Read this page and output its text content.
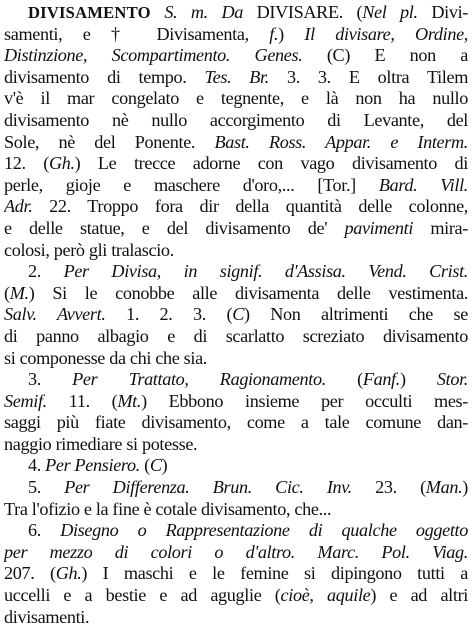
DIVISAMENTO S. m. Da DIVISARE. (Nel pl. Divi-
samenti, e † Divisamenta, f.) Il divisare, Ordine,
Distinzione, Scompartimento. Genes. (C) E non a
divisamento di tempo. Tes. Br. 3. 3. E oltra Tilem
v'è il mar congelato e tegnente, e là non ha nullo
divisamento nè nullo accorgimento di Levante, del
Sole, nè del Ponente. Bast. Ross. Appar. e Interm.
12. (Gh.) Le trecce adorne con vago divisamento di
perle, gioje e maschere d'oro,... [Tor.] Bard. Vill.
Adr. 22. Troppo fora dir della quantità delle colonne,
e delle statue, e del divisamento de' pavimenti mira-
colosi, però gli tralascio.
2. Per Divisa, in signif. d'Assisa. Vend. Crist.
(M.) Si le conobbe alle divisamenta delle vestimenta.
Salv. Avvert. 1. 2. 3. (C) Non altrimenti che se
di panno albagio e di scarlatto screziato divisamento
si componesse da chi che sia.
3. Per Trattato, Ragionamento. (Fanf.) Stor.
Semif. 11. (Mt.) Ebbono insieme per occulti mes-
saggi più fiate divisamento, come a tale comune dan-
naggio rimediare si potesse.
4. Per Pensiero. (C)
5. Per Differenza. Brun. Cic. Inv. 23. (Man.)
Tra l'ofizio e la fine è cotale divisamento, che...
6. Disegno o Rappresentazione di qualche oggetto
per mezzo di colori o d'altro. Marc. Pol. Viag.
207. (Gh.) I maschi e le femine si dipingono tutti a
uccelli e a bestie e ad aguglie (cioè, aquile) e ad altri
divisamenti.
